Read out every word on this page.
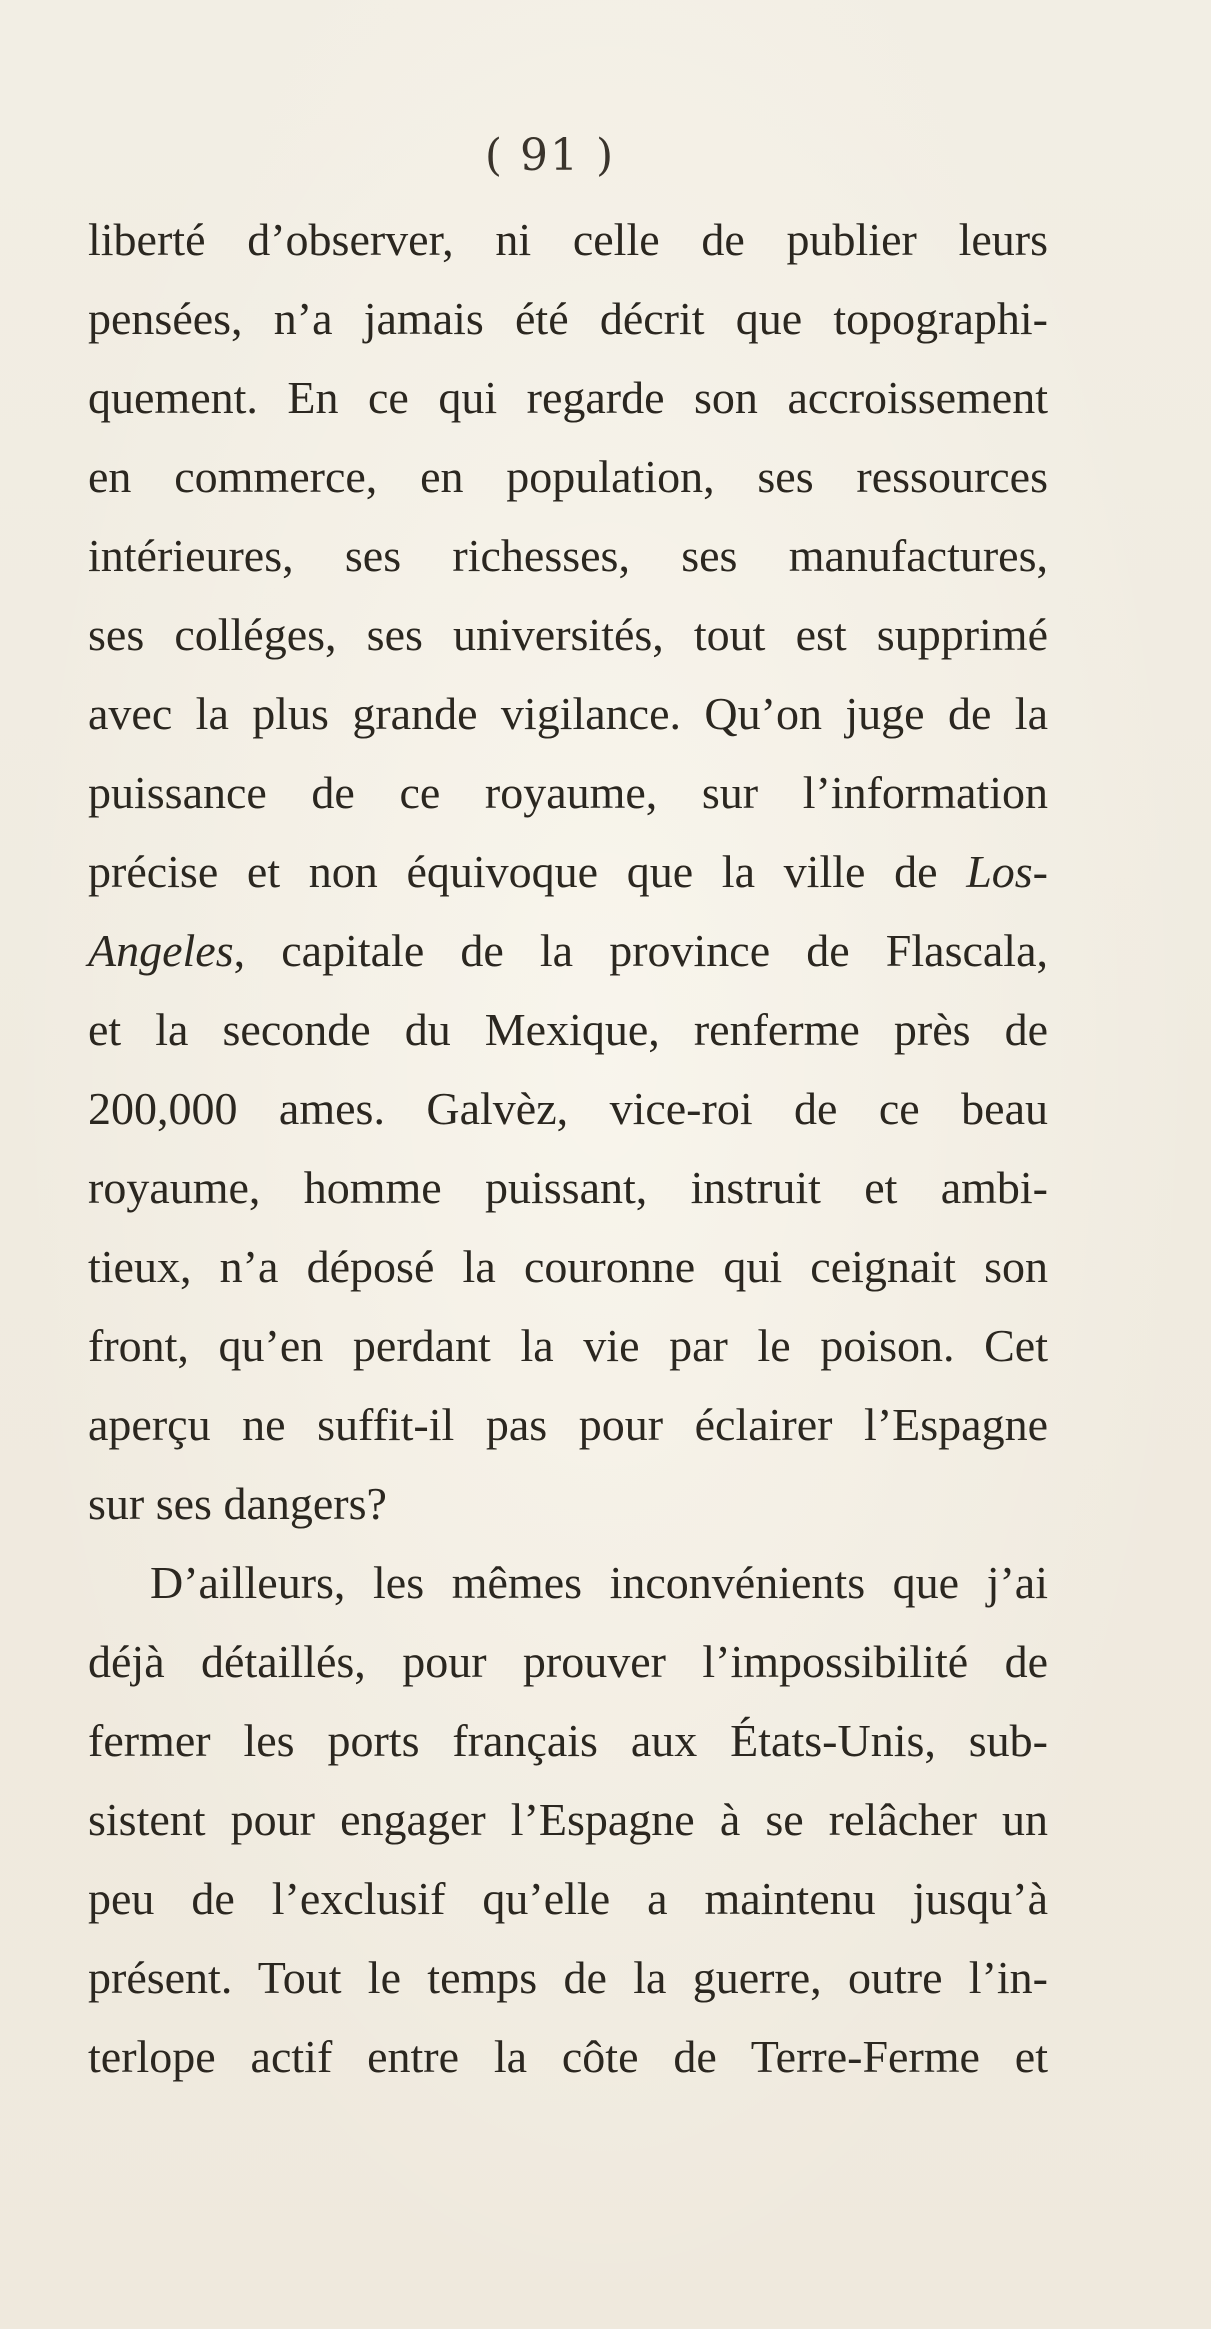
( 91 )

liberté d’observer, ni celle de publier leurs
pensées, n’a jamais été décrit que topographi-
quement. En ce qui regarde son accroissement
en commerce, en population, ses ressources
intérieures, ses richesses, ses manufactures,
ses colléges, ses universités, tout est supprimé
avec la plus grande vigilance. Qu’on juge de la
puissance de ce royaume, sur l’information
précise et non équivoque que la ville de Los-
Angeles, capitale de la province de Flascala,
et la seconde du Mexique, renferme près de
200,000 ames. Galvèz, vice-roi de ce beau
royaume, homme puissant, instruit et ambi-
tieux, n’a déposé la couronne qui ceignait son
front, qu’en perdant la vie par le poison. Cet
aperçu ne suffit-il pas pour éclairer l’Espagne
sur ses dangers?
D’ailleurs, les mêmes inconvénients que j’ai
déjà détaillés, pour prouver l’impossibilité de
fermer les ports français aux États-Unis, sub-
sistent pour engager l’Espagne à se relâcher un
peu de l’exclusif qu’elle a maintenu jusqu’à
présent. Tout le temps de la guerre, outre l’in-
terlope actif entre la côte de Terre-Ferme et
